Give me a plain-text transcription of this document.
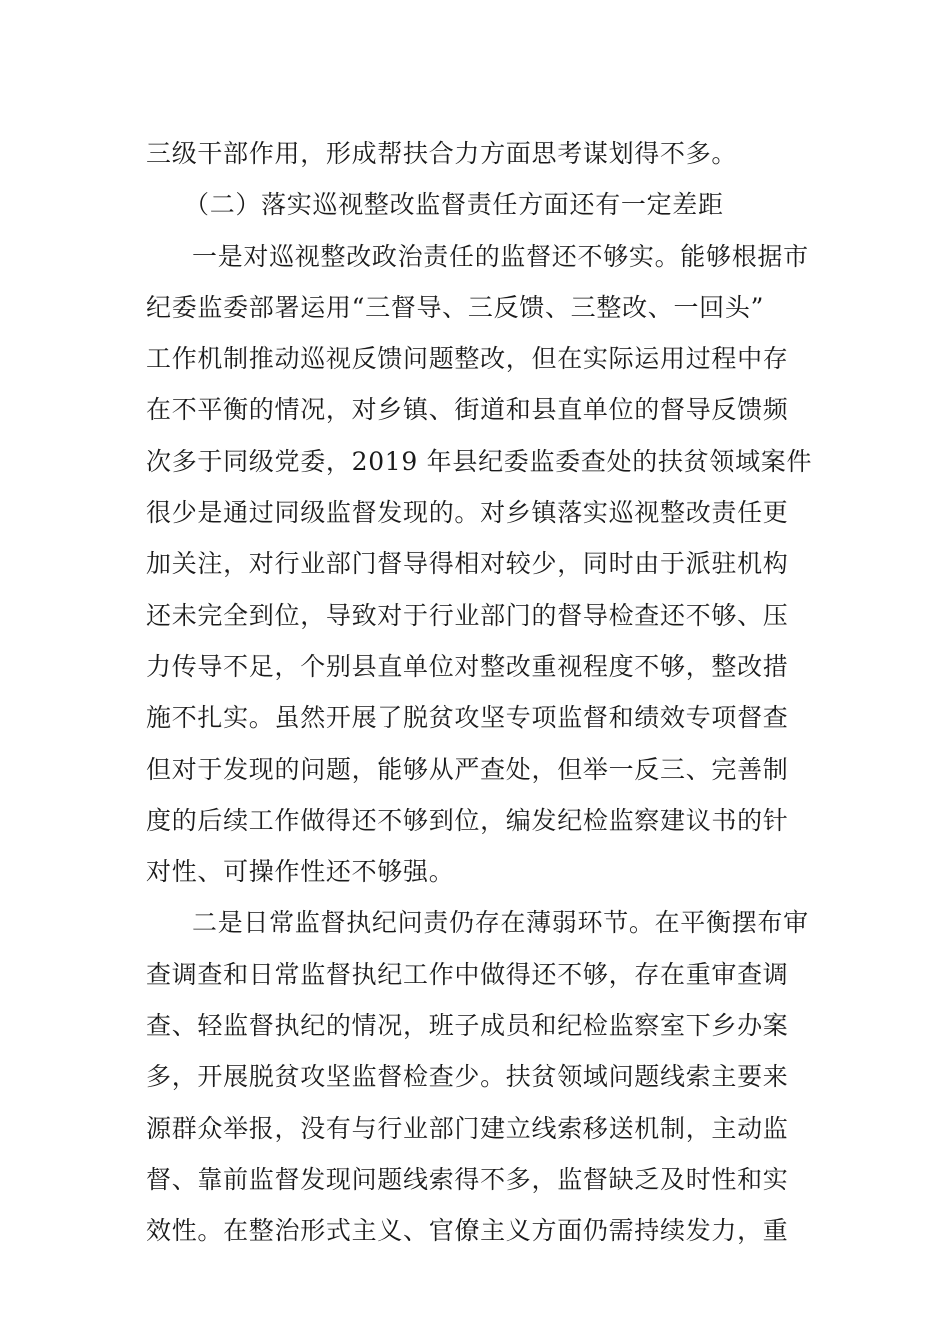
三级干部作用，形成帮扶合力方面思考谋划得不多。
（二）落实巡视整改监督责任方面还有一定差距
一是对巡视整改政治责任的监督还不够实。能够根据市
纪委监委部署运用“三督导、三反馈、三整改、一回头”
工作机制推动巡视反馈问题整改，但在实际运用过程中存
在不平衡的情况，对乡镇、街道和县直单位的督导反馈频
次多于同级党委，2019 年县纪委监委查处的扶贫领域案件
很少是通过同级监督发现的。对乡镇落实巡视整改责任更
加关注，对行业部门督导得相对较少，同时由于派驻机构
还未完全到位，导致对于行业部门的督导检查还不够、压
力传导不足，个别县直单位对整改重视程度不够，整改措
施不扎实。虽然开展了脱贫攻坚专项监督和绩效专项督查
但对于发现的问题，能够从严查处，但举一反三、完善制
度的后续工作做得还不够到位，编发纪检监察建议书的针
对性、可操作性还不够强。
二是日常监督执纪问责仍存在薄弱环节。在平衡摆布审
查调查和日常监督执纪工作中做得还不够，存在重审查调
查、轻监督执纪的情况，班子成员和纪检监察室下乡办案
多，开展脱贫攻坚监督检查少。扶贫领域问题线索主要来
源群众举报，没有与行业部门建立线索移送机制，主动监
督、靠前监督发现问题线索得不多，监督缺乏及时性和实
效性。在整治形式主义、官僚主义方面仍需持续发力，重
